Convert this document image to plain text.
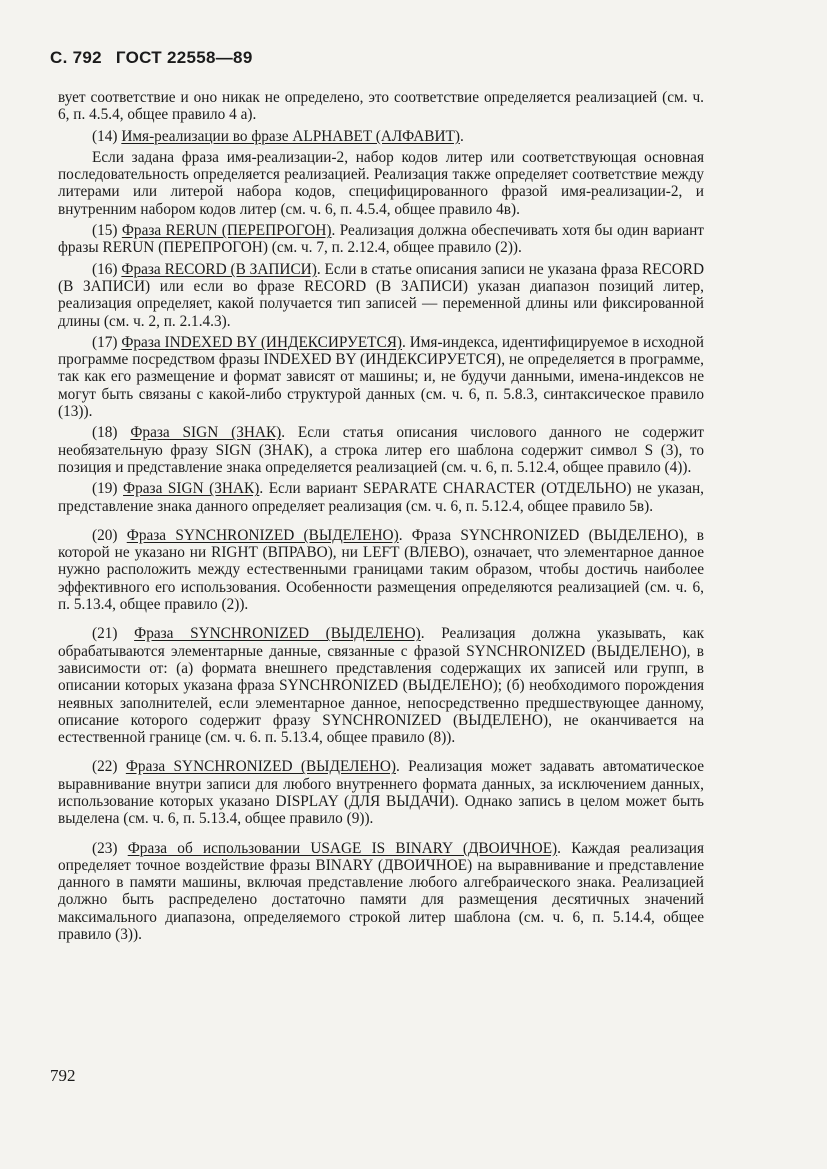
С. 792 ГОСТ 22558—89

вует соответствие и оно никак не определено, это соответствие определяется реализацией (см. ч. 6, п. 4.5.4, общее правило 4 а).

(14) Имя-реализации во фразе ALPHABET (АЛФАВИТ).

Если задана фраза имя-реализации-2, набор кодов литер или соответствующая основная последовательность определяется реализацией. Реализация также определяет соответствие между литерами или литерой набора кодов, специфицированного фразой имя-реализации-2, и внутренним набором кодов литер (см. ч. 6, п. 4.5.4, общее правило 4в).

(15) Фраза RERUN (ПЕРЕПРОГОН). Реализация должна обеспечивать хотя бы один вариант фразы RERUN (ПЕРЕПРОГОН) (см. ч. 7, п. 2.12.4, общее правило (2)).

(16) Фраза RECORD (В ЗАПИСИ). Если в статье описания записи не указана фраза RECORD (В ЗАПИСИ) или если во фразе RECORD (В ЗАПИСИ) указан диапазон позиций литер, реализация определяет, какой получается тип записей — переменной длины или фиксированной длины (см. ч. 2, п. 2.1.4.3).

(17) Фраза INDEXED BY (ИНДЕКСИРУЕТСЯ). Имя-индекса, идентифицируемое в исходной программе посредством фразы INDEXED BY (ИНДЕКСИРУЕТСЯ), не определяется в программе, так как его размещение и формат зависят от машины; и, не будучи данными, имена-индексов не могут быть связаны с какой-либо структурой данных (см. ч. 6, п. 5.8.3, синтаксическое правило (13)).

(18) Фраза SIGN (ЗНАК). Если статья описания числового данного не содержит необязательную фразу SIGN (ЗНАК), а строка литер его шаблона содержит символ S (3), то позиция и представление знака определяется реализацией (см. ч. 6, п. 5.12.4, общее правило (4)).

(19) Фраза SIGN (ЗНАК). Если вариант SEPARATE CHARACTER (ОТДЕЛЬНО) не указан, представление знака данного определяет реализация (см. ч. 6, п. 5.12.4, общее правило 5в).

(20) Фраза SYNCHRONIZED (ВЫДЕЛЕНО). Фраза SYNCHRONIZED (ВЫДЕЛЕНО), в которой не указано ни RIGHT (ВПРАВО), ни LEFT (ВЛЕВО), означает, что элементарное данное нужно расположить между естественными границами таким образом, чтобы достичь наиболее эффективного его использования. Особенности размещения определяются реализацией (см. ч. 6, п. 5.13.4, общее правило (2)).

(21) Фраза SYNCHRONIZED (ВЫДЕЛЕНО). Реализация должна указывать, как обрабатываются элементарные данные, связанные с фразой SYNCHRONIZED (ВЫДЕЛЕНО), в зависимости от: (а) формата внешнего представления содержащих их записей или групп, в описании которых указана фраза SYNCHRONIZED (ВЫДЕЛЕНО); (б) необходимого порождения неявных заполнителей, если элементарное данное, непосредственно предшествующее данному, описание которого содержит фразу SYNCHRONIZED (ВЫДЕЛЕНО), не оканчивается на естественной границе (см. ч. 6. п. 5.13.4, общее правило (8)).

(22) Фраза SYNCHRONIZED (ВЫДЕЛЕНО). Реализация может задавать автоматическое выравнивание внутри записи для любого внутреннего формата данных, за исключением данных, использование которых указано DISPLAY (ДЛЯ ВЫДАЧИ). Однако запись в целом может быть выделена (см. ч. 6, п. 5.13.4, общее правило (9)).

(23) Фраза об использовании USAGE IS BINARY (ДВОИЧНОЕ). Каждая реализация определяет точное воздействие фразы BINARY (ДВОИЧНОЕ) на выравнивание и представление данного в памяти машины, включая представление любого алгебраического знака. Реализацией должно быть распределено достаточно памяти для размещения десятичных значений максимального диапазона, определяемого строкой литер шаблона (см. ч. 6, п. 5.14.4, общее правило (3)).

792
